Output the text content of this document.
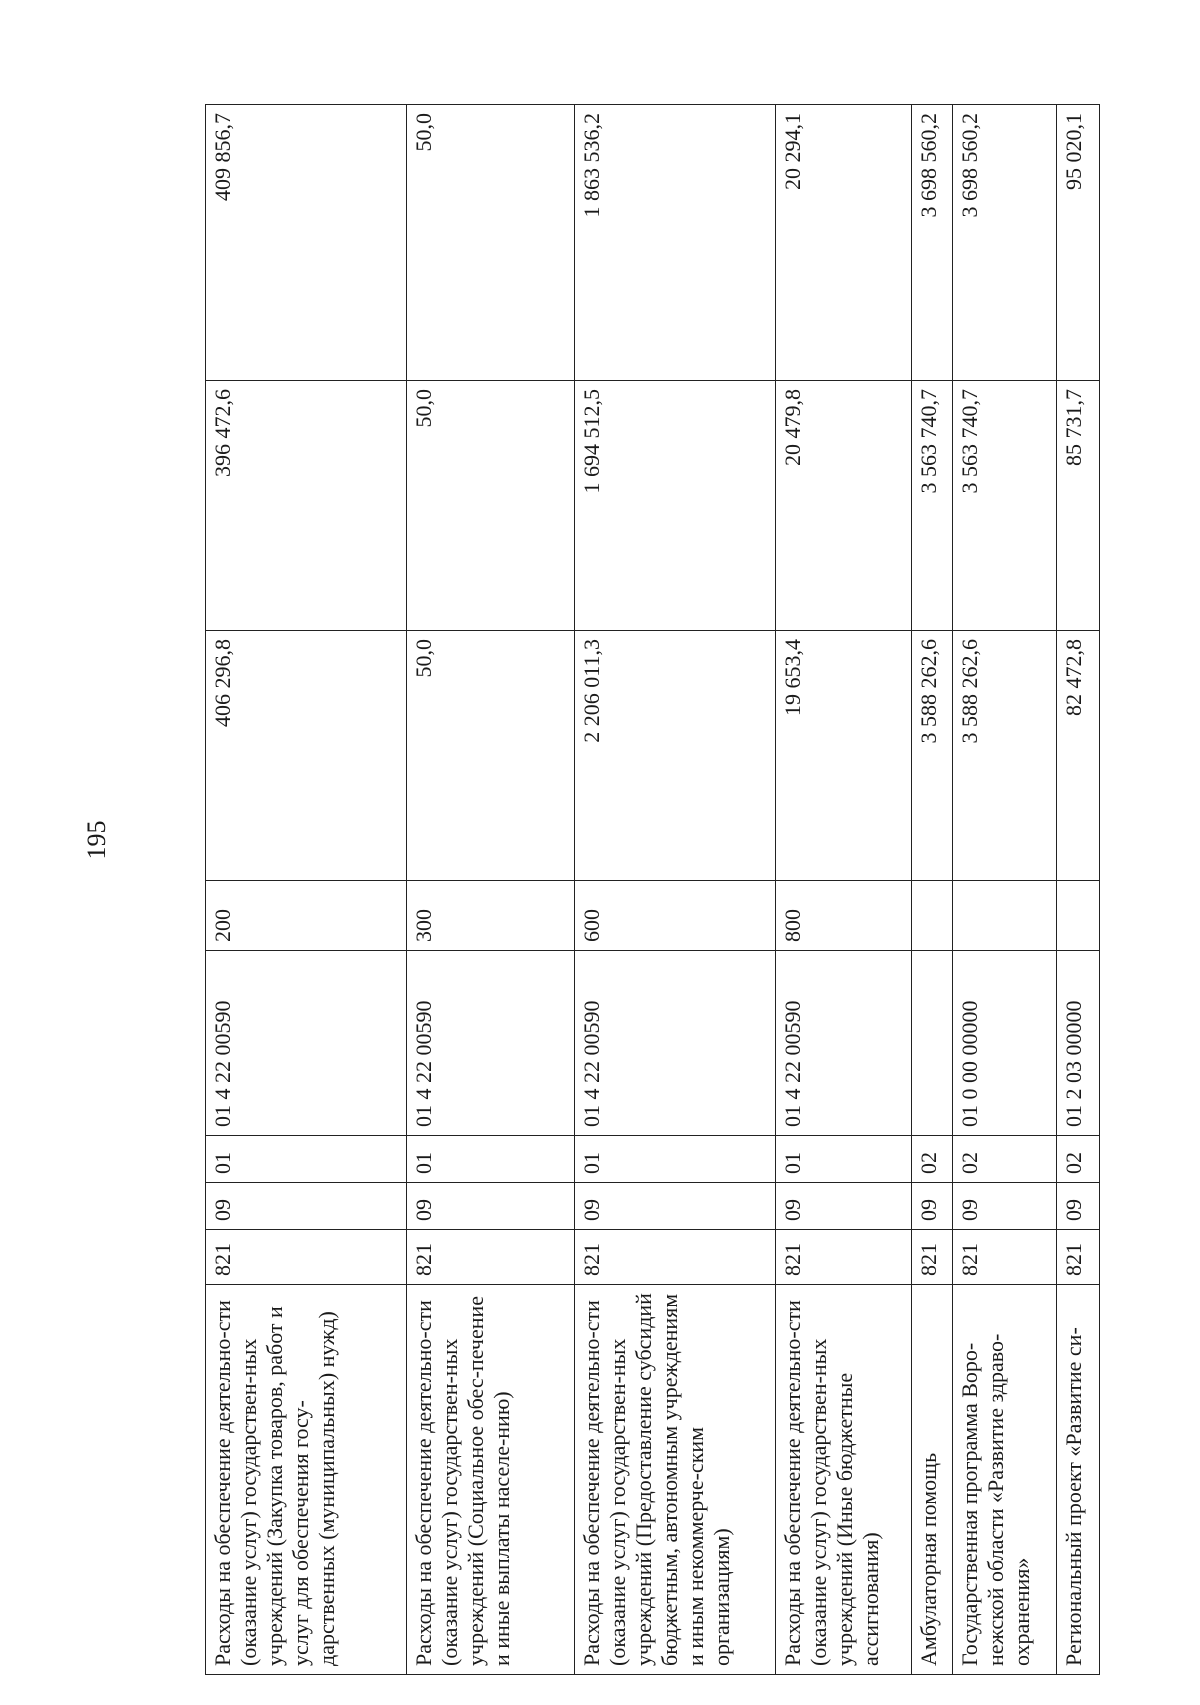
195
Расходы на обеспечение деятельно-сти (оказание услуг) государствен-ных учреждений (Закупка товаров, работ и услуг для обеспечения госу-дарственных (муниципальных) нужд)	821	09	01	01 4 22 00590	200	406 296,8	396 472,6	409 856,7
Расходы на обеспечение деятельно-сти (оказание услуг) государствен-ных учреждений (Социальное обес-печение и иные выплаты населе-нию)	821	09	01	01 4 22 00590	300	50,0	50,0	50,0
Расходы на обеспечение деятельно-сти (оказание услуг) государствен-ных учреждений (Предоставление субсидий бюджетным, автономным учреждениям и иным некоммерче-ским организациям)	821	09	01	01 4 22 00590	600	2 206 011,3	1 694 512,5	1 863 536,2
Расходы на обеспечение деятельно-сти (оказание услуг) государствен-ных учреждений (Иные бюджетные ассигнования)	821	09	01	01 4 22 00590	800	19 653,4	20 479,8	20 294,1
Амбулаторная помощь	821	09	02			3 588 262,6	3 563 740,7	3 698 560,2
Государственная программа Воро-нежской области «Развитие здраво-охранения»	821	09	02	01 0 00 00000		3 588 262,6	3 563 740,7	3 698 560,2
Региональный проект «Развитие си-	821	09	02	01 2 03 00000		82 472,8	85 731,7	95 020,1
